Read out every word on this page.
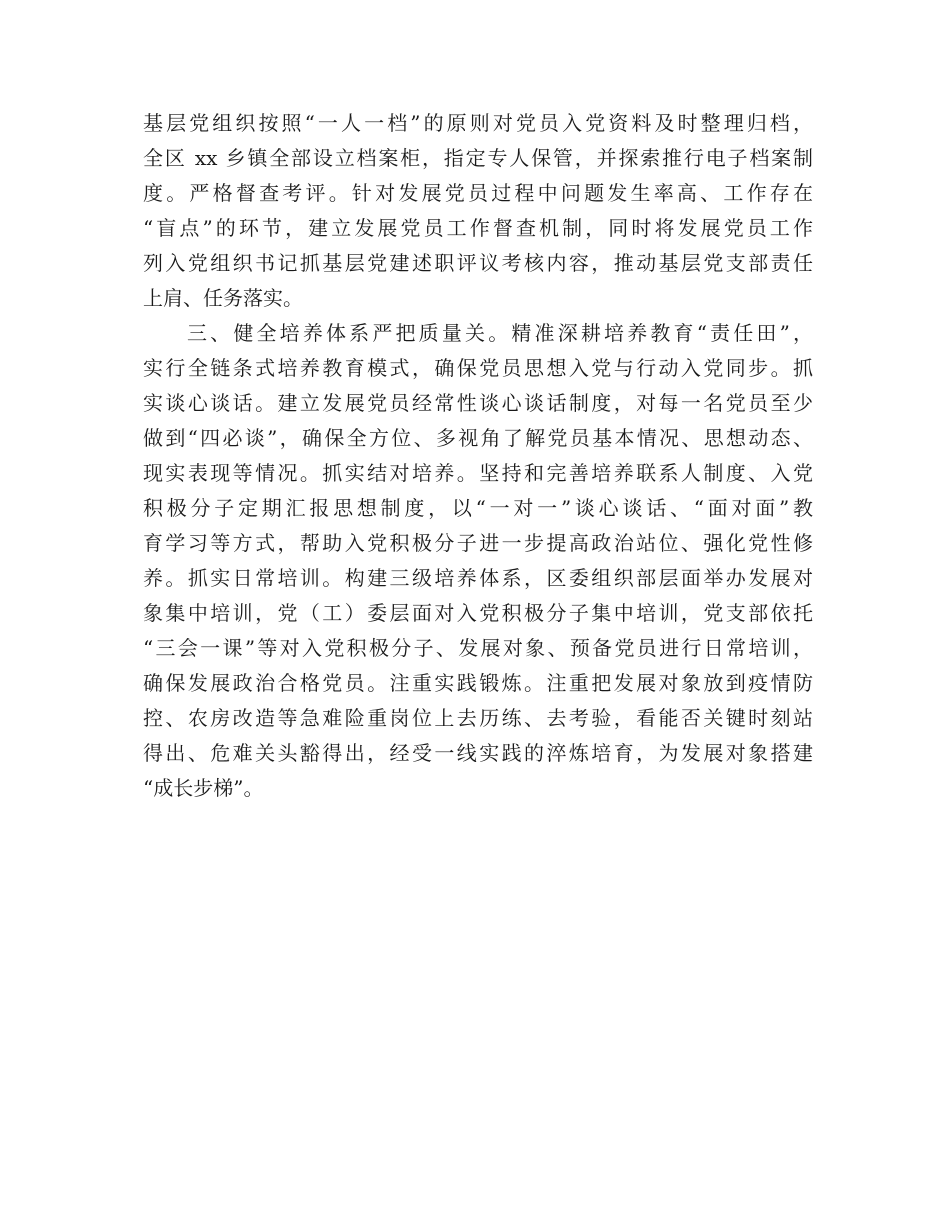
基层党组织按照“一人一档”的原则对党员入党资料及时整理归档，
全区 xx 乡镇全部设立档案柜，指定专人保管，并探索推行电子档案制
度。严格督查考评。针对发展党员过程中问题发生率高、工作存在
“盲点”的环节，建立发展党员工作督查机制，同时将发展党员工作
列入党组织书记抓基层党建述职评议考核内容，推动基层党支部责任
上肩、任务落实。
三、健全培养体系严把质量关。精准深耕培养教育“责任田”，
实行全链条式培养教育模式，确保党员思想入党与行动入党同步。抓
实谈心谈话。建立发展党员经常性谈心谈话制度，对每一名党员至少
做到“四必谈”，确保全方位、多视角了解党员基本情况、思想动态、
现实表现等情况。抓实结对培养。坚持和完善培养联系人制度、入党
积极分子定期汇报思想制度，以“一对一”谈心谈话、“面对面”教
育学习等方式，帮助入党积极分子进一步提高政治站位、强化党性修
养。抓实日常培训。构建三级培养体系，区委组织部层面举办发展对
象集中培训，党（工）委层面对入党积极分子集中培训，党支部依托
“三会一课”等对入党积极分子、发展对象、预备党员进行日常培训，
确保发展政治合格党员。注重实践锻炼。注重把发展对象放到疫情防
控、农房改造等急难险重岗位上去历练、去考验，看能否关键时刻站
得出、危难关头豁得出，经受一线实践的淬炼培育，为发展对象搭建
“成长步梯”。
